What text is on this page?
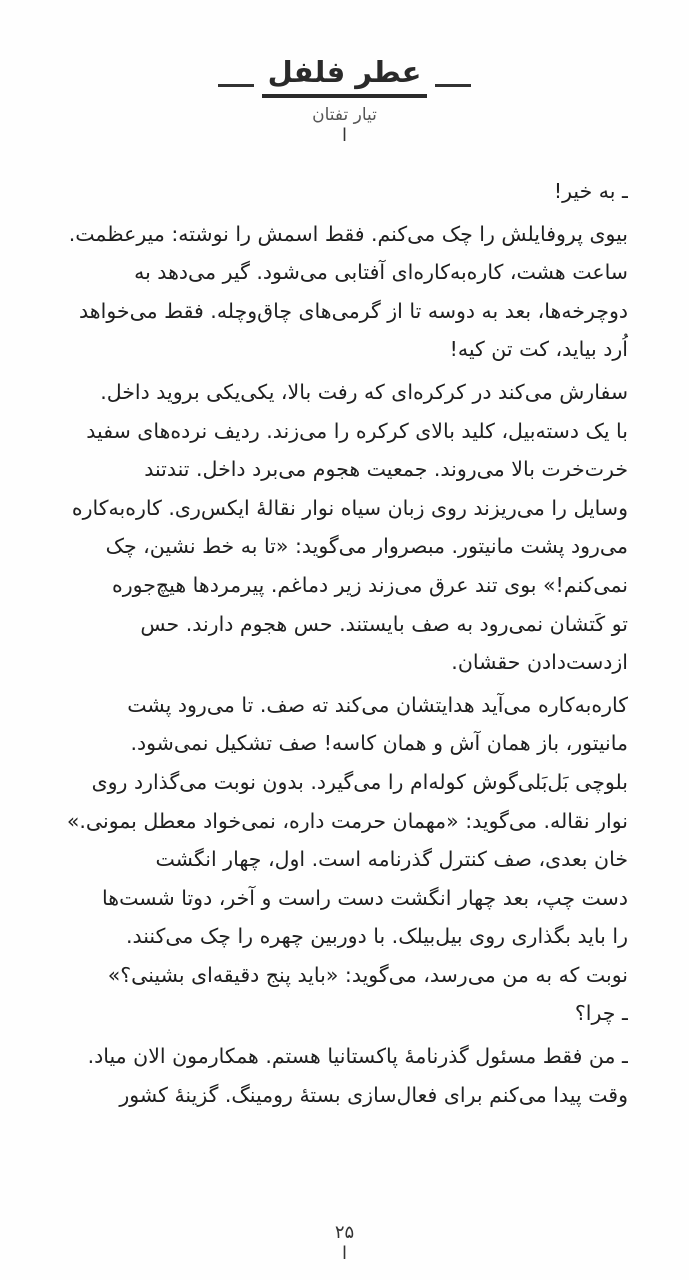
عطر فلفل
تیار تفتان
ا
ـ به خیر!
بیوی پروفایلش را چک می‌کنم. فقط اسمش را نوشته: میرعظمت.
ساعت هشت، کاره‌به‌کاره‌ای آفتابی می‌شود. گیر می‌دهد به
دوچرخه‌ها، بعد به دوسه تا از گرمی‌های چاق‌وچله. فقط می‌خواهد
اُرد بیاید، کت تن کیه!
سفارش می‌کند در کرکره‌ای که رفت بالا، یکی‌یکی بروید داخل.
با یک دسته‌بیل، کلید بالای کرکره را می‌زند. ردیف نرده‌های سفید
خرت‌خرت بالا می‌روند. جمعیت هجوم می‌برد داخل. تندتند
وسایل را می‌ریزند روی زبان سیاه نوار نقالهٔ ایکس‌ری. کاره‌به‌کاره
می‌رود پشت مانیتور. مبصروار می‌گوید: «تا به خط نشین، چک
نمی‌کنم!» بوی تند عرق می‌زند زیر دماغم. پیرمردها هیچ‌جوره
تو کَتشان نمی‌رود به صف بایستند. حس هجوم دارند. حس
ازدست‌دادن حقشان.
کاره‌به‌کاره می‌آید هدایتشان می‌کند ته صف. تا می‌رود پشت
مانیتور، باز همان آش و همان کاسه! صف تشکیل نمی‌شود.
بلوچی بَل‌بَلی‌گوش کوله‌ام را می‌گیرد. بدون نوبت می‌گذارد روی
نوار نقاله. می‌گوید: «مهمان حرمت داره، نمی‌خواد معطل بمونی.»
خان بعدی، صف کنترل گذرنامه است. اول، چهار انگشت
دست چپ، بعد چهار انگشت دست راست و آخر، دوتا شست‌ها
را باید بگذاری روی بیل‌بیلک. با دوربین چهره را چک می‌کنند.
نوبت که به من می‌رسد، می‌گوید: «باید پنج دقیقه‌ای بشینی؟»
ـ چرا؟
ـ من فقط مسئول گذرنامهٔ پاکستانیا هستم. همکارمون الان میاد.
وقت پیدا می‌کنم برای فعال‌سازی بستهٔ رومینگ. گزینهٔ کشور
۲۵
ا
